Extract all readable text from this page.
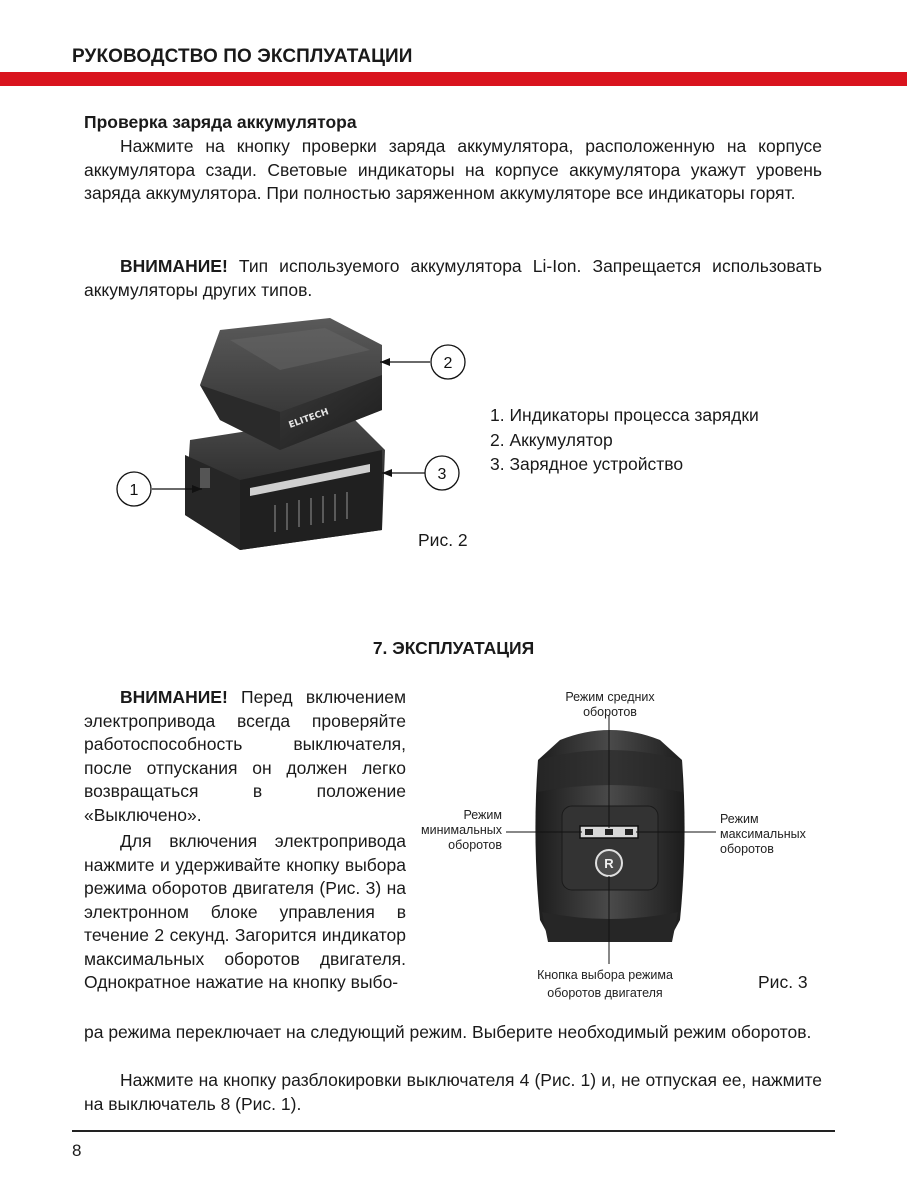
РУКОВОДСТВО ПО ЭКСПЛУАТАЦИИ
Проверка заряда аккумулятора
Нажмите на кнопку проверки заряда аккумулятора, расположенную на корпусе аккумулятора сзади. Световые индикаторы на корпусе аккумулятора укажут уровень заряда аккумулятора. При полностью заряженном аккумуляторе все индикаторы горят.
ВНИМАНИЕ! Тип используемого аккумулятора Li-Ion. Запрещается использовать аккумуляторы других типов.
ELITECH
2
3
1
1. Индикаторы процесса зарядки
2. Аккумулятор
3. Зарядное устройство
Рис. 2
7. ЭКСПЛУАТАЦИЯ
ВНИМАНИЕ! Перед включением электропривода всегда проверяйте работоспособность выключателя, после отпускания он должен легко возвращаться в положение «Выключено».
Для включения электропривода нажмите и удерживайте кнопку выбора режима оборотов двигателя (Рис. 3) на электронном блоке управления в течение 2 секунд. Загорится индикатор максимальных оборотов двигателя. Однократное нажатие на кнопку выбо-
ра режима переключает на следующий режим. Выберите необходимый режим оборотов.
Нажмите на кнопку разблокировки выключателя 4 (Рис. 1) и, не отпуская ее, нажмите на выключатель 8 (Рис. 1).
R
Режим средних
оборотов
Режим
минимальных
оборотов
Режим
максимальных
оборотов
Кнопка выбора режима
оборотов двигателя
Рис. 3
8
